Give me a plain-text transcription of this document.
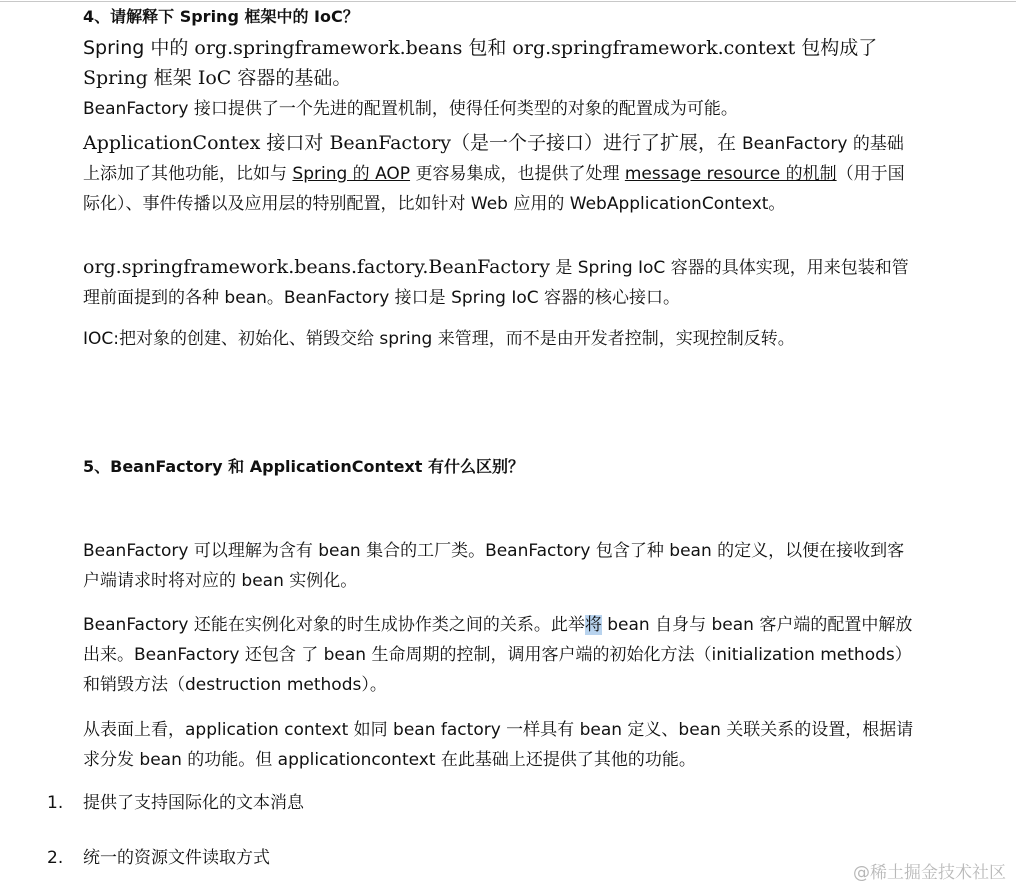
4、请解释下 Spring 框架中的 IoC？
Spring 中的 org.springframework.beans 包和 org.springframework.context 包构成了 Spring 框架 IoC 容器的基础。
BeanFactory 接口提供了一个先进的配置机制，使得任何类型的对象的配置成为可能。
ApplicationContex 接口对 BeanFactory（是一个子接口）进行了扩展，在 BeanFactory 的基础上添加了其他功能，比如与 Spring 的 AOP 更容易集成，也提供了处理 message resource 的机制（用于国际化）、事件传播以及应用层的特别配置，比如针对 Web 应用的 WebApplicationContext。
org.springframework.beans.factory.BeanFactory 是 Spring IoC 容器的具体实现，用来包装和管理前面提到的各种 bean。BeanFactory 接口是 Spring IoC 容器的核心接口。
IOC:把对象的创建、初始化、销毁交给 spring 来管理，而不是由开发者控制，实现控制反转。
5、BeanFactory 和 ApplicationContext 有什么区别？
BeanFactory 可以理解为含有 bean 集合的工厂类。BeanFactory 包含了种 bean 的定义，以便在接收到客户端请求时将对应的 bean 实例化。
BeanFactory 还能在实例化对象的时生成协作类之间的关系。此举将 bean 自身与 bean 客户端的配置中解放出来。BeanFactory 还包含 了 bean 生命周期的控制，调用客户端的初始化方法（initialization methods）和销毁方法（destruction methods）。
从表面上看，application context 如同 bean factory 一样具有 bean 定义、bean 关联关系的设置，根据请求分发 bean 的功能。但 applicationcontext 在此基础上还提供了其他的功能。
1. 提供了支持国际化的文本消息
2. 统一的资源文件读取方式
@稀土掘金技术社区
